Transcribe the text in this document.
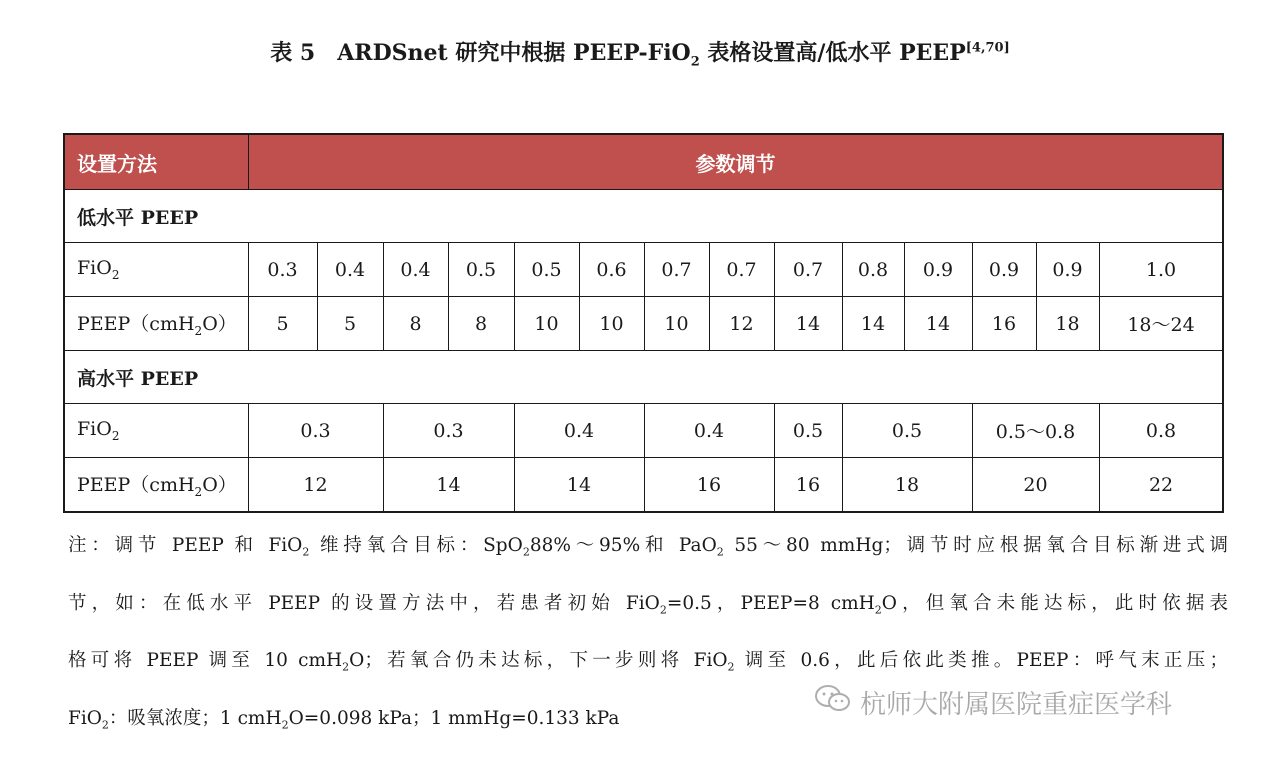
表 5　ARDSnet 研究中根据 PEEP-FiO$_2$ 表格设置高/低水平 PEEP[4,70]
设置方法	参数调节														
低水平 PEEP															
FiO$_2$	0.3	0.4	0.4	0.5	0.5	0.6	0.7	0.7	0.7	0.8	0.9	0.9	0.9	1.0	
PEEP（cmH$_2$O）	5	5	8	8	10	10	10	12	14	14	14	16	18	18～24	
高水平 PEEP															
FiO$_2$	0.3		0.3		0.4		0.4		0.5	0.5		0.5～0.8		0.8		
PEEP（cmH$_2$O）	12		14		14		16		16	18		20		22		
注：调节 PEEP 和 FiO$_2$ 维持氧合目标：SpO$_2$88%～95%和 PaO$_2$ 55～80 mmHg；调节时应根据氧合目标渐进式调
节，如：在低水平 PEEP 的设置方法中，若患者初始 FiO$_2$=0.5，PEEP=8 cmH$_2$O，但氧合未能达标，此时依据表
格可将 PEEP 调至 10 cmH$_2$O；若氧合仍未达标，下一步则将 FiO$_2$ 调至 0.6，此后依此类推。PEEP：呼气末正压；
FiO$_2$：吸氧浓度；1 cmH$_2$O=0.098 kPa；1 mmHg=0.133 kPa	杭师大附属医院重症医学科
